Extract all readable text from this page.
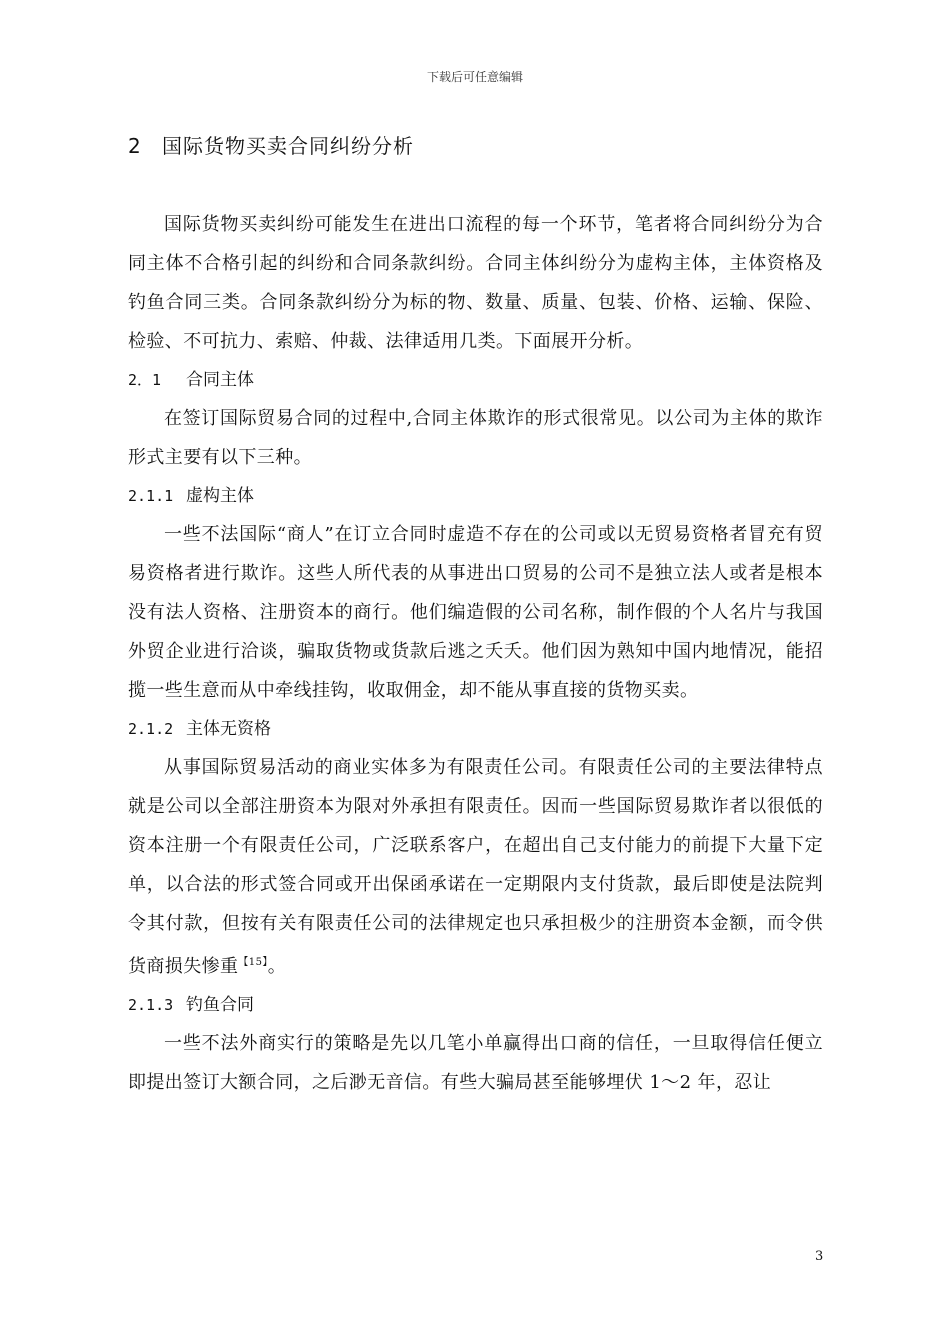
下载后可任意编辑
2 国际货物买卖合同纠纷分析

国际货物买卖纠纷可能发生在进出口流程的每一个环节，笔者将合同纠纷分为合同主体不合格引起的纠纷和合同条款纠纷。合同主体纠纷分为虚构主体，主体资格及钓鱼合同三类。合同条款纠纷分为标的物、数量、质量、包装、价格、运输、保险、检验、不可抗力、索赔、仲裁、法律适用几类。下面展开分析。

2．1 合同主体

在签订国际贸易合同的过程中,合同主体欺诈的形式很常见。以公司为主体的欺诈形式主要有以下三种。

2.1.1 虚构主体

一些不法国际“商人”在订立合同时虚造不存在的公司或以无贸易资格者冒充有贸易资格者进行欺诈。这些人所代表的从事进出口贸易的公司不是独立法人或者是根本没有法人资格、注册资本的商行。他们编造假的公司名称，制作假的个人名片与我国外贸企业进行洽谈，骗取货物或货款后逃之夭夭。他们因为熟知中国内地情况，能招揽一些生意而从中牵线挂钩，收取佣金，却不能从事直接的货物买卖。

2.1.2 主体无资格

从事国际贸易活动的商业实体多为有限责任公司。有限责任公司的主要法律特点就是公司以全部注册资本为限对外承担有限责任。因而一些国际贸易欺诈者以很低的资本注册一个有限责任公司，广泛联系客户，在超出自己支付能力的前提下大量下定单，以合法的形式签合同或开出保函承诺在一定期限内支付货款，最后即使是法院判令其付款，但按有关有限责任公司的法律规定也只承担极少的注册资本金额，而令供货商损失惨重$^{【15】}$。

2.1.3 钓鱼合同

一些不法外商实行的策略是先以几笔小单赢得出口商的信任，一旦取得信任便立即提出签订大额合同，之后渺无音信。有些大骗局甚至能够埋伏 1～2 年，忍让

3
